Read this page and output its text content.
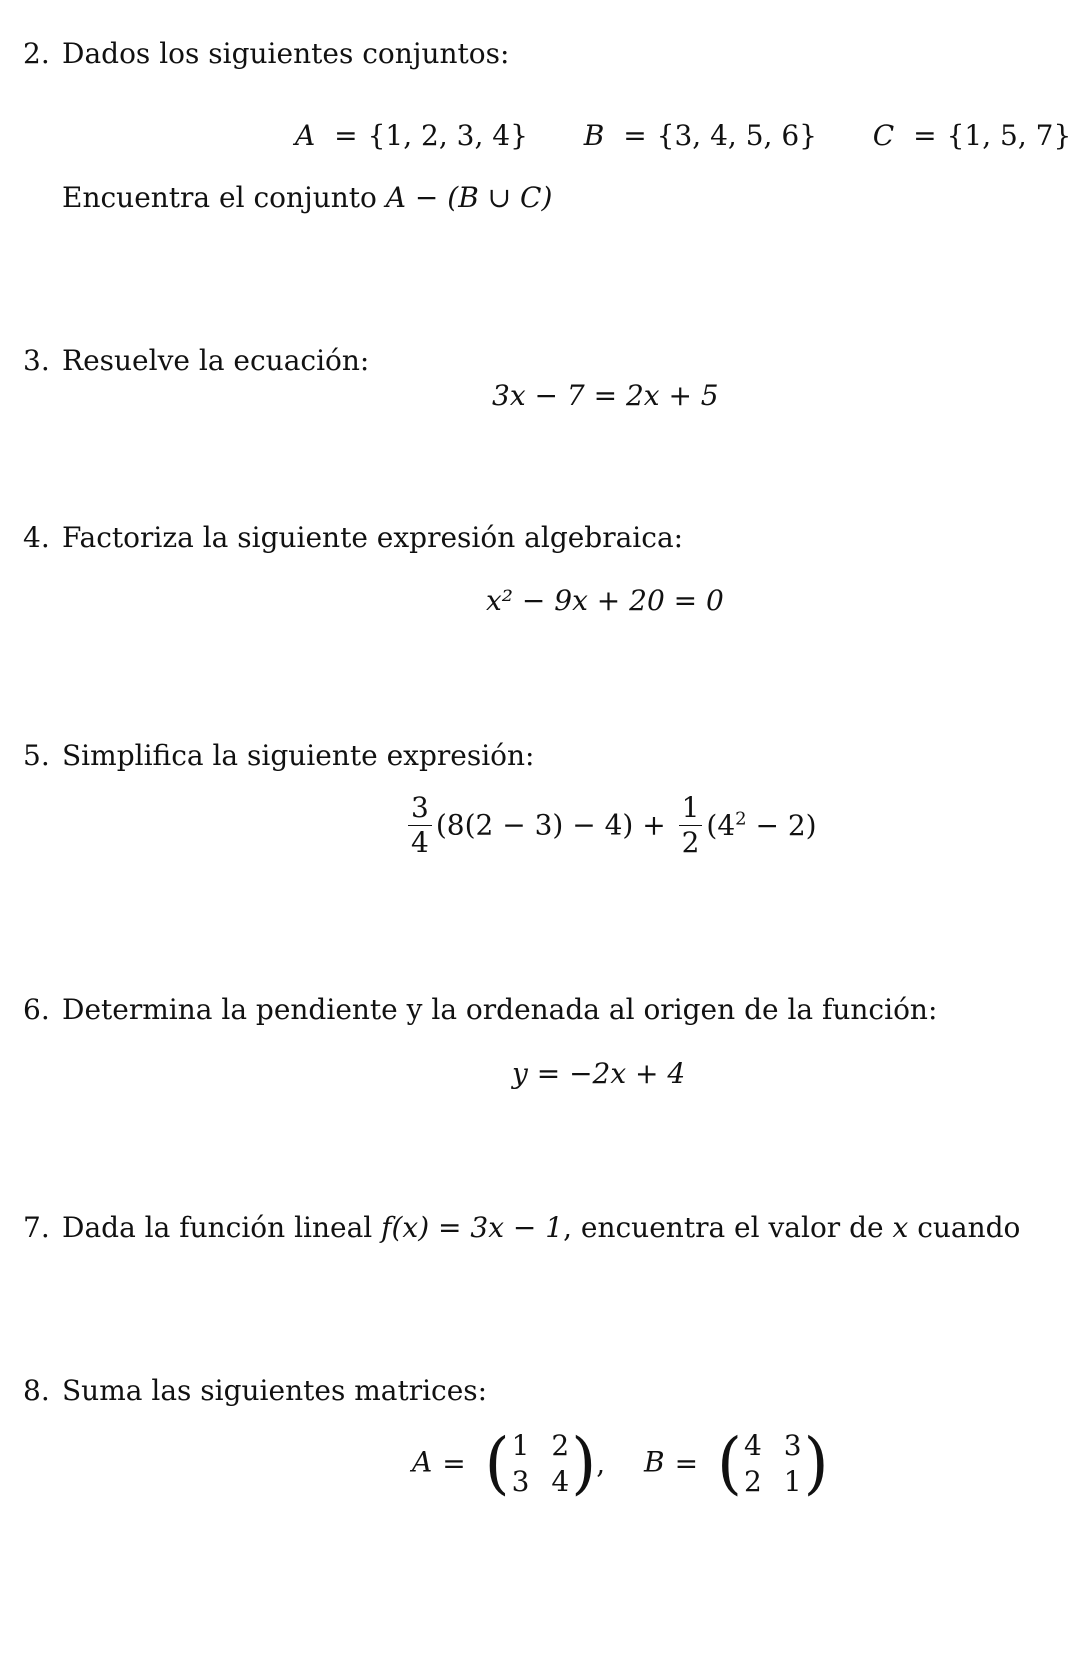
2. Dados los siguientes conjuntos:
A = {1, 2, 3, 4} B = {3, 4, 5, 6} C = {1, 5, 7}
Encuentra el conjunto A − (B ∪ C)
3. Resuelve la ecuación:
3x − 7 = 2x + 5
4. Factoriza la siguiente expresión algebraica:
x² − 9x + 20 = 0
5. Simplifica la siguiente expresión:
$\frac{3}{4} (8(2 - 3) - 4) + \frac{1}{2} (4^2 - 2)$
6. Determina la pendiente y la ordenada al origen de la función:
y = −2x + 4
7. Dada la función lineal f(x) = 3x − 1, encuentra el valor de x cuando
8. Suma las siguientes matrices:
A = ( 1 2
3 4 ) , B = ( 4 3
2 1 )
